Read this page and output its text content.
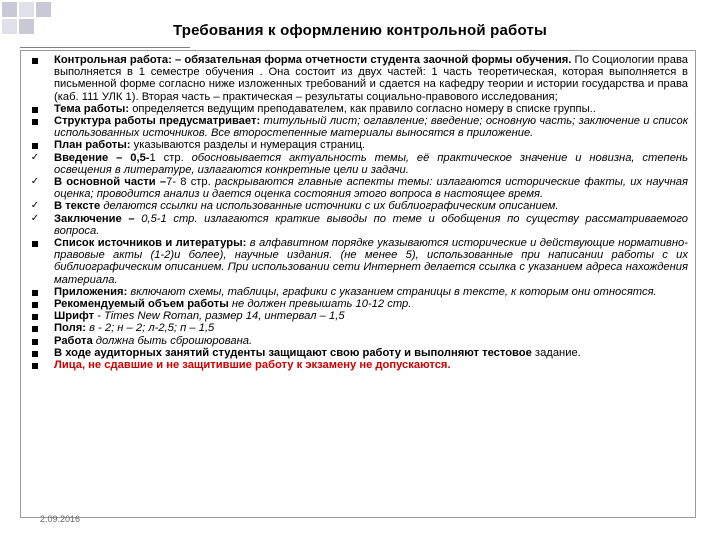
Требования к оформлению контрольной работы
Контрольная работа: – обязательная форма отчетности студента заочной формы обучения. По Социологии права выполняется в 1 семестре обучения . Она состоит из двух частей: 1 часть теоретическая, которая выполняется в письменной форме согласно ниже изложенных требований и сдается на кафедру теории и истории государства и права (каб. 111 УЛК 1). Вторая часть – практическая – результаты социально-правового исследования;
Тема работы: определяется ведущим преподавателем, как правило согласно номеру в списке группы..
Структура работы предусматривает: титульный лист; оглавление; введение; основную часть; заключение и список использованных источников. Все второстепенные материалы выносятся в приложение.
План работы: указываются разделы и нумерация страниц.
✓ Введение – 0,5-1 стр. обосновывается актуальность темы, её практическое значение и новизна, степень освещения в литературе, излагаются конкретные цели и задачи.
✓ В основной части –7- 8 стр. раскрываются главные аспекты темы: излагаются исторические факты, их научная оценка; проводится анализ и дается оценка состояния этого вопроса в настоящее время.
✓ В тексте делаются ссылки на использованные источники с их библиографическим описанием.
✓ Заключение – 0,5-1 стр. излагаются краткие выводы по теме и обобщения по существу рассматриваемого вопроса.
Список источников и литературы: в алфавитном порядке указываются исторические и действующие нормативно-правовые акты (1-2)и более), научные издания. (не менее 5), использованные при написании работы с их библиографическим описанием. При использовании сети Интернет делается ссылка с указанием адреса нахождения материала.
Приложения: включают схемы, таблицы, графики с указанием страницы в тексте, к которым они относятся.
Рекомендуемый объем работы не должен превышать 10-12 стр.
Шрифт - Times New Roman, размер 14, интервал – 1,5
Поля: в - 2; н – 2; л-2,5; п – 1,5
Работа должна быть сброшюрована.
В ходе аудиторных занятий студенты защищают свою работу и выполняют тестовое задание.
Лица, не сдавшие и не защитившие работу к экзамену не допускаются.
2.09.2016
